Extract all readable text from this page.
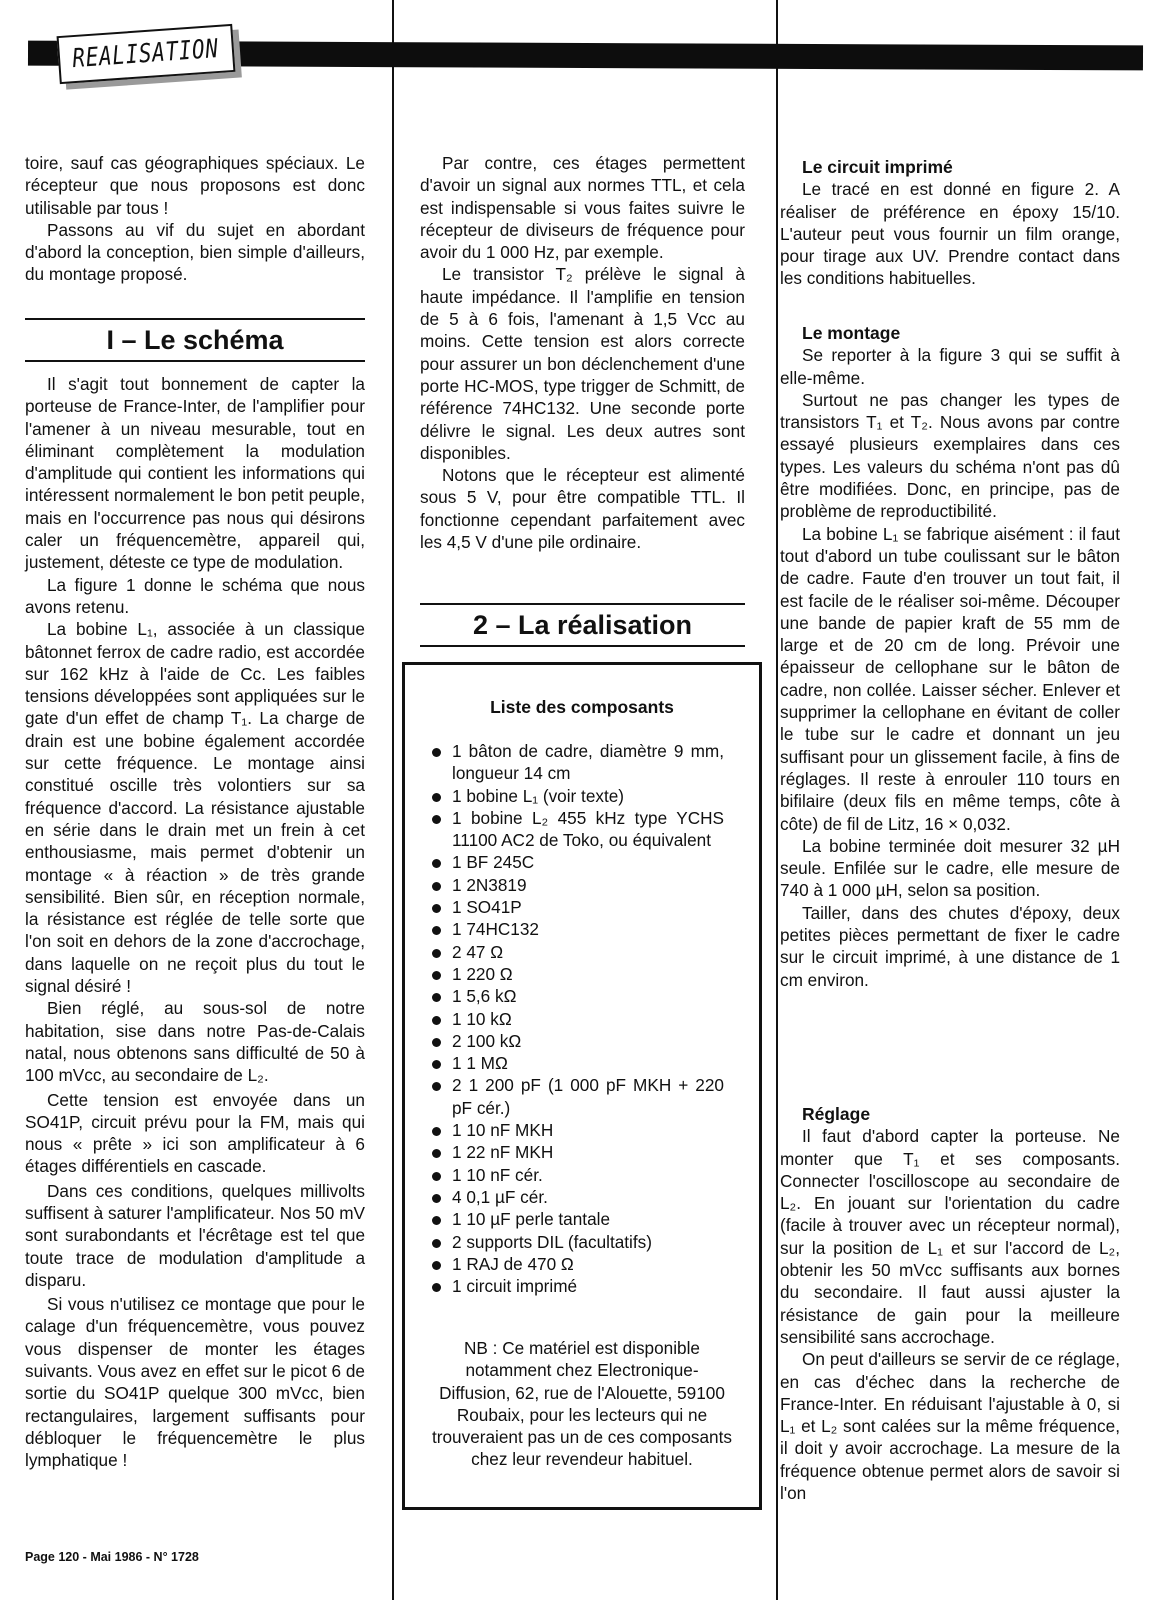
REALISATION

toire, sauf cas géographiques spéciaux. Le récepteur que nous proposons est donc utilisable par tous !

Passons au vif du sujet en abordant d'abord la conception, bien simple d'ailleurs, du montage proposé.

I – Le schéma

Il s'agit tout bonnement de capter la porteuse de France-Inter, de l'amplifier pour l'amener à un niveau mesurable, tout en éliminant complètement la modulation d'amplitude qui contient les informations qui intéressent normalement le bon petit peuple, mais en l'occurrence pas nous qui désirons caler un fréquencemètre, appareil qui, justement, déteste ce type de modulation.

La figure 1 donne le schéma que nous avons retenu.

La bobine L₁, associée à un classique bâtonnet ferrox de cadre radio, est accordée sur 162 kHz à l'aide de Cc. Les faibles tensions développées sont appliquées sur le gate d'un effet de champ T₁. La charge de drain est une bobine également accordée sur cette fréquence. Le montage ainsi constitué oscille très volontiers sur sa fréquence d'accord. La résistance ajustable en série dans le drain met un frein à cet enthousiasme, mais permet d'obtenir un montage « à réaction » de très grande sensibilité. Bien sûr, en réception normale, la résistance est réglée de telle sorte que l'on soit en dehors de la zone d'accrochage, dans laquelle on ne reçoit plus du tout le signal désiré !

Bien réglé, au sous-sol de notre habitation, sise dans notre Pas-de-Calais natal, nous obtenons sans difficulté de 50 à 100 mVcc, au secondaire de L₂.

Cette tension est envoyée dans un SO41P, circuit prévu pour la FM, mais qui nous « prête » ici son amplificateur à 6 étages différentiels en cascade.

Dans ces conditions, quelques millivolts suffisent à saturer l'amplificateur. Nos 50 mV sont surabondants et l'écrêtage est tel que toute trace de modulation d'amplitude a disparu.

Si vous n'utilisez ce montage que pour le calage d'un fréquencemètre, vous pouvez vous dispenser de monter les étages suivants. Vous avez en effet sur le picot 6 de sortie du SO41P quelque 300 mVcc, bien rectangulaires, largement suffisants pour débloquer le fréquencemètre le plus lymphatique !

Par contre, ces étages permettent d'avoir un signal aux normes TTL, et cela est indispensable si vous faites suivre le récepteur de diviseurs de fréquence pour avoir du 1 000 Hz, par exemple.

Le transistor T₂ prélève le signal à haute impédance. Il l'amplifie en tension de 5 à 6 fois, l'amenant à 1,5 Vcc au moins. Cette tension est alors correcte pour assurer un bon déclenchement d'une porte HC-MOS, type trigger de Schmitt, de référence 74HC132. Une seconde porte délivre le signal. Les deux autres sont disponibles.

Notons que le récepteur est alimenté sous 5 V, pour être compatible TTL. Il fonctionne cependant parfaitement avec les 4,5 V d'une pile ordinaire.

2 – La réalisation
Liste des composants
1 bâton de cadre, diamètre 9 mm, longueur 14 cm
1 bobine L₁ (voir texte)
1 bobine L₂ 455 kHz type YCHS 11100 AC2 de Toko, ou équivalent
1 BF 245C
1 2N3819
1 SO41P
1 74HC132
2 47 Ω
1 220 Ω
1 5,6 kΩ
1 10 kΩ
2 100 kΩ
1 1 MΩ
2 1 200 pF (1 000 pF MKH + 220 pF cér.)
1 10 nF MKH
1 22 nF MKH
1 10 nF cér.
4 0,1 µF cér.
1 10 µF perle tantale
2 supports DIL (facultatifs)
1 RAJ de 470 Ω
1 circuit imprimé
NB : Ce matériel est disponible notamment chez Electronique-Diffusion, 62, rue de l'Alouette, 59100 Roubaix, pour les lecteurs qui ne trouveraient pas un de ces composants chez leur revendeur habituel.

Le circuit imprimé

Le tracé en est donné en figure 2. A réaliser de préférence en époxy 15/10. L'auteur peut vous fournir un film orange, pour tirage aux UV. Prendre contact dans les conditions habituelles.

Le montage

Se reporter à la figure 3 qui se suffit à elle-même.

Surtout ne pas changer les types de transistors T₁ et T₂. Nous avons par contre essayé plusieurs exemplaires dans ces types. Les valeurs du schéma n'ont pas dû être modifiées. Donc, en principe, pas de problème de reproductibilité.

La bobine L₁ se fabrique aisément : il faut tout d'abord un tube coulissant sur le bâton de cadre. Faute d'en trouver un tout fait, il est facile de le réaliser soi-même. Découper une bande de papier kraft de 55 mm de large et de 20 cm de long. Prévoir une épaisseur de cellophane sur le bâton de cadre, non collée. Laisser sécher. Enlever et supprimer la cellophane en évitant de coller le tube sur le cadre et donnant un jeu suffisant pour un glissement facile, à fins de réglages. Il reste à enrouler 110 tours en bifilaire (deux fils en même temps, côte à côte) de fil de Litz, 16 × 0,032.

La bobine terminée doit mesurer 32 µH seule. Enfilée sur le cadre, elle mesure de 740 à 1 000 µH, selon sa position.

Tailler, dans des chutes d'époxy, deux petites pièces permettant de fixer le cadre sur le circuit imprimé, à une distance de 1 cm environ.

Réglage

Il faut d'abord capter la porteuse. Ne monter que T₁ et ses composants. Connecter l'oscilloscope au secondaire de L₂. En jouant sur l'orientation du cadre (facile à trouver avec un récepteur normal), sur la position de L₁ et sur l'accord de L₂, obtenir les 50 mVcc suffisants aux bornes du secondaire. Il faut aussi ajuster la résistance de gain pour la meilleure sensibilité sans accrochage.

On peut d'ailleurs se servir de ce réglage, en cas d'échec dans la recherche de France-Inter. En réduisant l'ajustable à 0, si L₁ et L₂ sont calées sur la même fréquence, il doit y avoir accrochage. La mesure de la fréquence obtenue permet alors de savoir si l'on

Page 120 - Mai 1986 - N° 1728
